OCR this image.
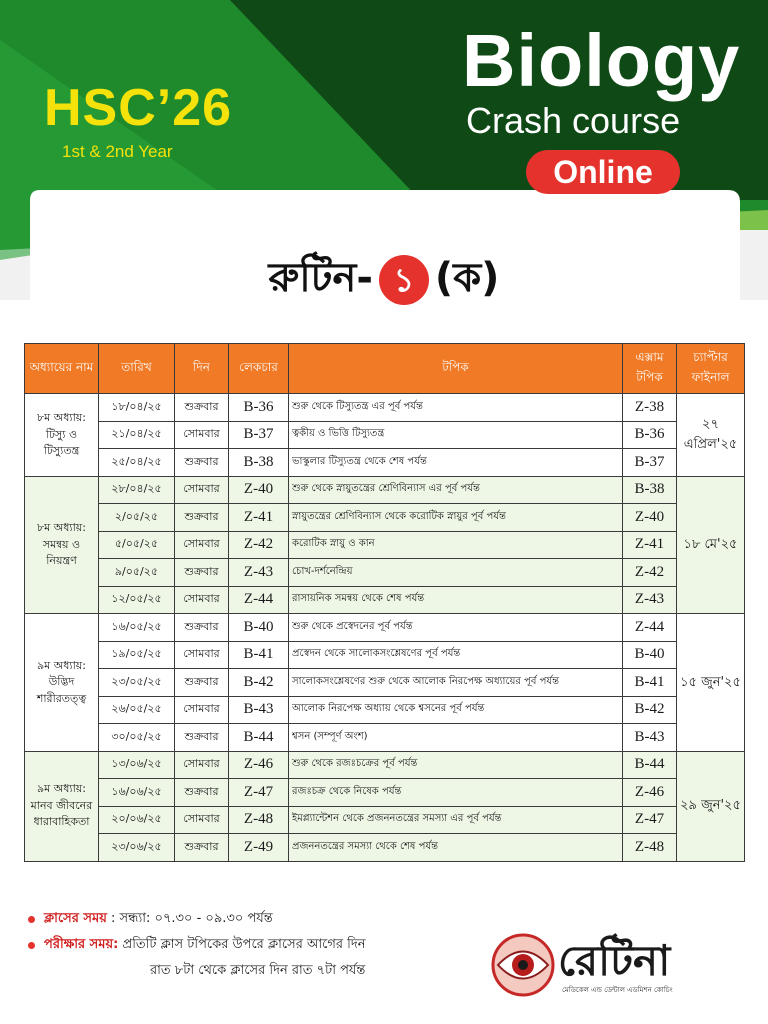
HSC’26
1st & 2nd Year
Biology
Crash course
Online
রুটিন- ১ (ক)
অধ্যায়ের নাম	তারিখ	দিন	লেকচার	টপিক	এক্সাম টপিক	চ্যাপ্টার ফাইনাল
৮ম অধ্যায়: টিস্যু ও টিস্যুতন্ত্র	১৮/০৪/২৫	শুক্রবার	B-36	শুরু থেকে টিস্যুতন্ত্র এর পূর্ব পর্যন্ত	Z-38	২৭ এপ্রিল'২৫
	২১/০৪/২৫	সোমবার	B-37	ত্বকীয় ও ভিত্তি টিস্যুতন্ত্র	B-36	
	২৫/০৪/২৫	শুক্রবার	B-38	ভাস্কুলার টিস্যুতন্ত্র থেকে শেষ পর্যন্ত	B-37	
৮ম অধ্যায়: সমন্বয় ও নিয়ন্ত্রণ	২৮/০৪/২৫	সোমবার	Z-40	শুরু থেকে স্নায়ুতন্ত্রের শ্রেণিবিন্যাস এর পূর্ব পর্যন্ত	B-38	১৮ মে'২৫
	২/০৫/২৫	শুক্রবার	Z-41	স্নায়ুতন্ত্রের শ্রেণিবিন্যাস থেকে করোটিক স্নায়ুর পূর্ব পর্যন্ত	Z-40	
	৫/০৫/২৫	সোমবার	Z-42	করোটিক স্নায়ু ও কান	Z-41	
	৯/০৫/২৫	শুক্রবার	Z-43	চোখ-দর্শনেন্দ্রিয়	Z-42	
	১২/০৫/২৫	সোমবার	Z-44	রাসায়নিক সমন্বয় থেকে শেষ পর্যন্ত	Z-43	
৯ম অধ্যায়: উদ্ভিদ শারীরতত্ত্ব	১৬/০৫/২৫	শুক্রবার	B-40	শুরু থেকে প্রস্বেদনের পূর্ব পর্যন্ত	Z-44	১৫ জুন'২৫
	১৯/০৫/২৫	সোমবার	B-41	প্রস্বেদন থেকে সালোকসংশ্লেষণের পূর্ব পর্যন্ত	B-40	
	২৩/০৫/২৫	শুক্রবার	B-42	সালোকসংশ্লেষণের শুরু থেকে আলোক নিরপেক্ষ অধ্যায়ের পূর্ব পর্যন্ত	B-41	
	২৬/০৫/২৫	সোমবার	B-43	আলোক নিরপেক্ষ অধ্যায় থেকে শ্বসনের পূর্ব পর্যন্ত	B-42	
	৩০/০৫/২৫	শুক্রবার	B-44	শ্বসন (সম্পূর্ণ অংশ)	B-43	
৯ম অধ্যায়: মানব জীবনের ধারাবাহিকতা	১৩/০৬/২৫	সোমবার	Z-46	শুরু থেকে রজঃচক্রের পূর্ব পর্যন্ত	B-44	২৯ জুন'২৫
	১৬/০৬/২৫	শুক্রবার	Z-47	রজঃচক্র থেকে নিষেক পর্যন্ত	Z-46	
	২০/০৬/২৫	সোমবার	Z-48	ইমপ্ল্যান্টেশন থেকে প্রজননতন্ত্রের সমস্যা এর পূর্ব পর্যন্ত	Z-47	
	২৩/০৬/২৫	শুক্রবার	Z-49	প্রজননতন্ত্রের সমস্যা থেকে শেষ পর্যন্ত	Z-48	
ক্লাসের সময় : সন্ধ্যা: ০৭.৩০ - ০৯.৩০ পর্যন্ত
পরীক্ষার সময়: প্রতিটি ক্লাস টপিকের উপরে ক্লাসের আগের দিন
রাত ৮টা থেকে ক্লাসের দিন রাত ৭টা পর্যন্ত	রেটিনা
মেডিকেল এন্ড ডেন্টাল এডমিশন কোচিং
